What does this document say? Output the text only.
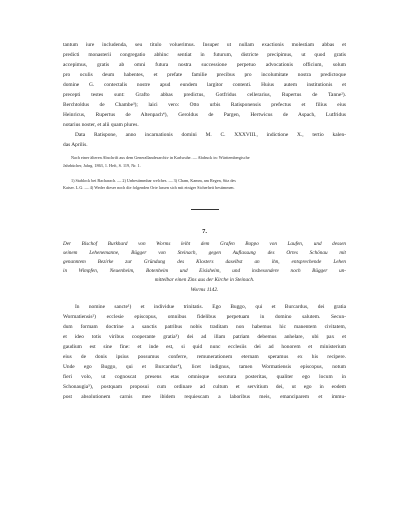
tantum iure includenda, seu titulo voluerimus. Insuper ut nullam exactionis molestiam abbas et
predicti monasterii congregatio abhinc sentiat in futurum, districte precipimus, ut quod gratis
accepimus, gratis ab omni futura nostra successione perpetuo advocationis officium, solum
pro oculis deum habentes, et prefate familie precibus pro incolumitate nostra predictoque
domine G. contectalis nostre apud eundem largitor contenti. Huius autem institutionis et
precepti testes sunt: Grafto abbas predictus, Gotfridus cellerarius, Rupertus de Tanne²).
Berchtoldus de Chambe³); laici vero: Otto urbis Ratisponensis prefectus et filius eius
Heinricus, Rupertus de Altenpach⁴), Geroldus de Pargen, Hertwicus de Aspach, Lutfridus
notarius noster, et alii quam plures.
Data Ratispone, anno incarnationis domini M. C. XXXVIII., indictione X., tertio kalen-
das Aprilis.
Nach einer älteren Abschrift aus dem Generallandesarchiv in Karlsruhe. — Abdruck in: Württembergische
Jahrbücher, Jahrg. 1863, 1. Heft, S. 119, Nr. 1.
1) Stablock bei Bacharach. — 2) Unbestimmbar welches. — 3) Cham, Kamm, am Regen, Sitz des
Kaiser. L.G. — 4) Weder dieser noch die folgenden Orte lassen sich mit einiger Sicherheit bestimmen.
7.
Der Bischof Burkhard von Worms leiht dem Grafen Boppo von Laufen, und dessen
seinem Lehenemanne, Bügger von Steinach, gegen Auflassung des Ortes Schönau mit
genanntem Bezirke zur Gründung des Klosters daselbst an ihn, entsprechende Lehen
in Wimpfen, Neuenheim, Botenheim und Eisisheim, und insbesondere noch Bügger un-
mittelbar einen Zins aus der Kirche in Steinach.
Worms 1142.
In nomine sancte¹) et individue trinitatis. Ego Buggo, qui et Burcardus, dei gratia
Wormatiensis²) ecclesie episcopus, omnibus fidelibus perpetuam in domino salutem. Secun-
dum formam doctrine a sanctis patribus nobis traditam non habemus hic manentem civitatem,
et ideo totis viribus cooperante gratia³) dei ad illam patriam debemus anhelare, ubi pax et
gaudium est sine fine: et inde est, si quid nunc ecclesiis dei ad honorem et ministerium
eius de donis ipsius possumus conferre, remunerationem eternam speramus ex his recipere.
Unde ego Buggo, qui et Burcardus⁴), licet indignus, tamen Wormatiensis episcopus, notum
fieri volo, ut cognoscat presens etas omnisque secutura posteritas, qualiter ego locum in
Schonaugia⁵), postquam proposui cum ordinare ad cultum et servitium dei, ut ego in eodem
post absolutionem carnis mee ibidem requiescam a laboribus meis, emanciparem et immu-
